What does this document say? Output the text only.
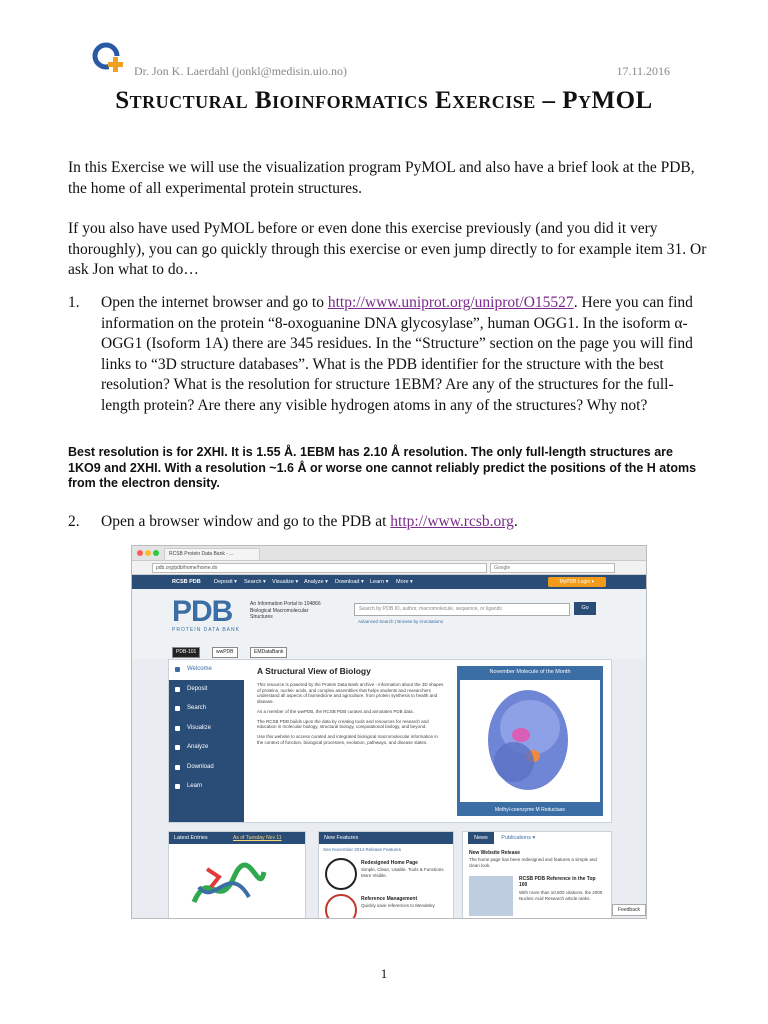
Dr. Jon K. Laerdahl (jonkl@medisin.uio.no)	17.11.2016
Structural Bioinformatics Exercise – PyMOL
In this Exercise we will use the visualization program PyMOL and also have a brief look at the PDB, the home of all experimental protein structures.
If you also have used PyMOL before or even done this exercise previously (and you did it very thoroughly), you can go quickly through this exercise or even jump directly to for example item 31. Or ask Jon what to do…
1.	Open the internet browser and go to http://www.uniprot.org/uniprot/O15527. Here you can find information on the protein “8-oxoguanine DNA glycosylase”, human OGG1. In the isoform α-OGG1 (Isoform 1A) there are 345 residues. In the “Structure” section on the page you will find links to “3D structure databases”. What is the PDB identifier for the structure with the best resolution? What is the resolution for structure 1EBM? Are any of the structures for the full-length protein? Are there any visible hydrogen atoms in any of the structures? Why not?
Best resolution is for 2XHI. It is 1.55 Å. 1EBM has 2.10 Å resolution. The only full-length structures are 1KO9 and 2XHI. With a resolution ~1.6 Å or worse one cannot reliably predict the positions of the H atoms from the electron density.
2.	Open a browser window and go to the PDB at http://www.rcsb.org.
RCSB Protein Data Bank - ...
pdb.org/pdb/home/home.do	Google
RCSB PDB Deposit ▾ Search ▾ Visualize ▾ Analyze ▾ Download ▾ Learn ▾ More ▾	MyPDB Login ▾
PDB
PROTEIN DATA BANK
An Information Portal to 104866 Biological Macromolecular Structures
Search by PDB ID, author, macromolecule, sequence, or ligands	Go
Advanced Search | Browse by Annotations
PDB-101	wwPDB	EMDataBank
Welcome
Deposit
Search
Visualize
Analyze
Download
Learn
A Structural View of Biology

This resource is powered by the Protein Data Bank archive - information about the 3D shapes of proteins, nucleic acids, and complex assemblies that helps students and researchers understand all aspects of biomedicine and agriculture, from protein synthesis to health and disease.

As a member of the wwPDB, the RCSB PDB curates and annotates PDB data.

The RCSB PDB builds upon the data by creating tools and resources for research and education in molecular biology, structural biology, computational biology, and beyond.

Use this website to access curated and integrated biological macromolecular information in the context of function, biological processes, evolution, pathways, and disease states.

November Molecule of the Month
Methyl-coenzyme M Reductase
Latest Entries	As of Tuesday Nov 11	New Features
See November 2014 Release Features
Redesigned Home Page
Simple, Clean, Usable. Tools & Functions More Visible.
Reference Management
Quickly save references to Mendeley
News Publications ▾
New Website Release
The home page has been redesigned and features a simple and clean look.
RCSB PDB Reference in the Top 100
With more than 10,500 citations, the 2000 Nucleic Acid Research article ranks.
Feedback
1
